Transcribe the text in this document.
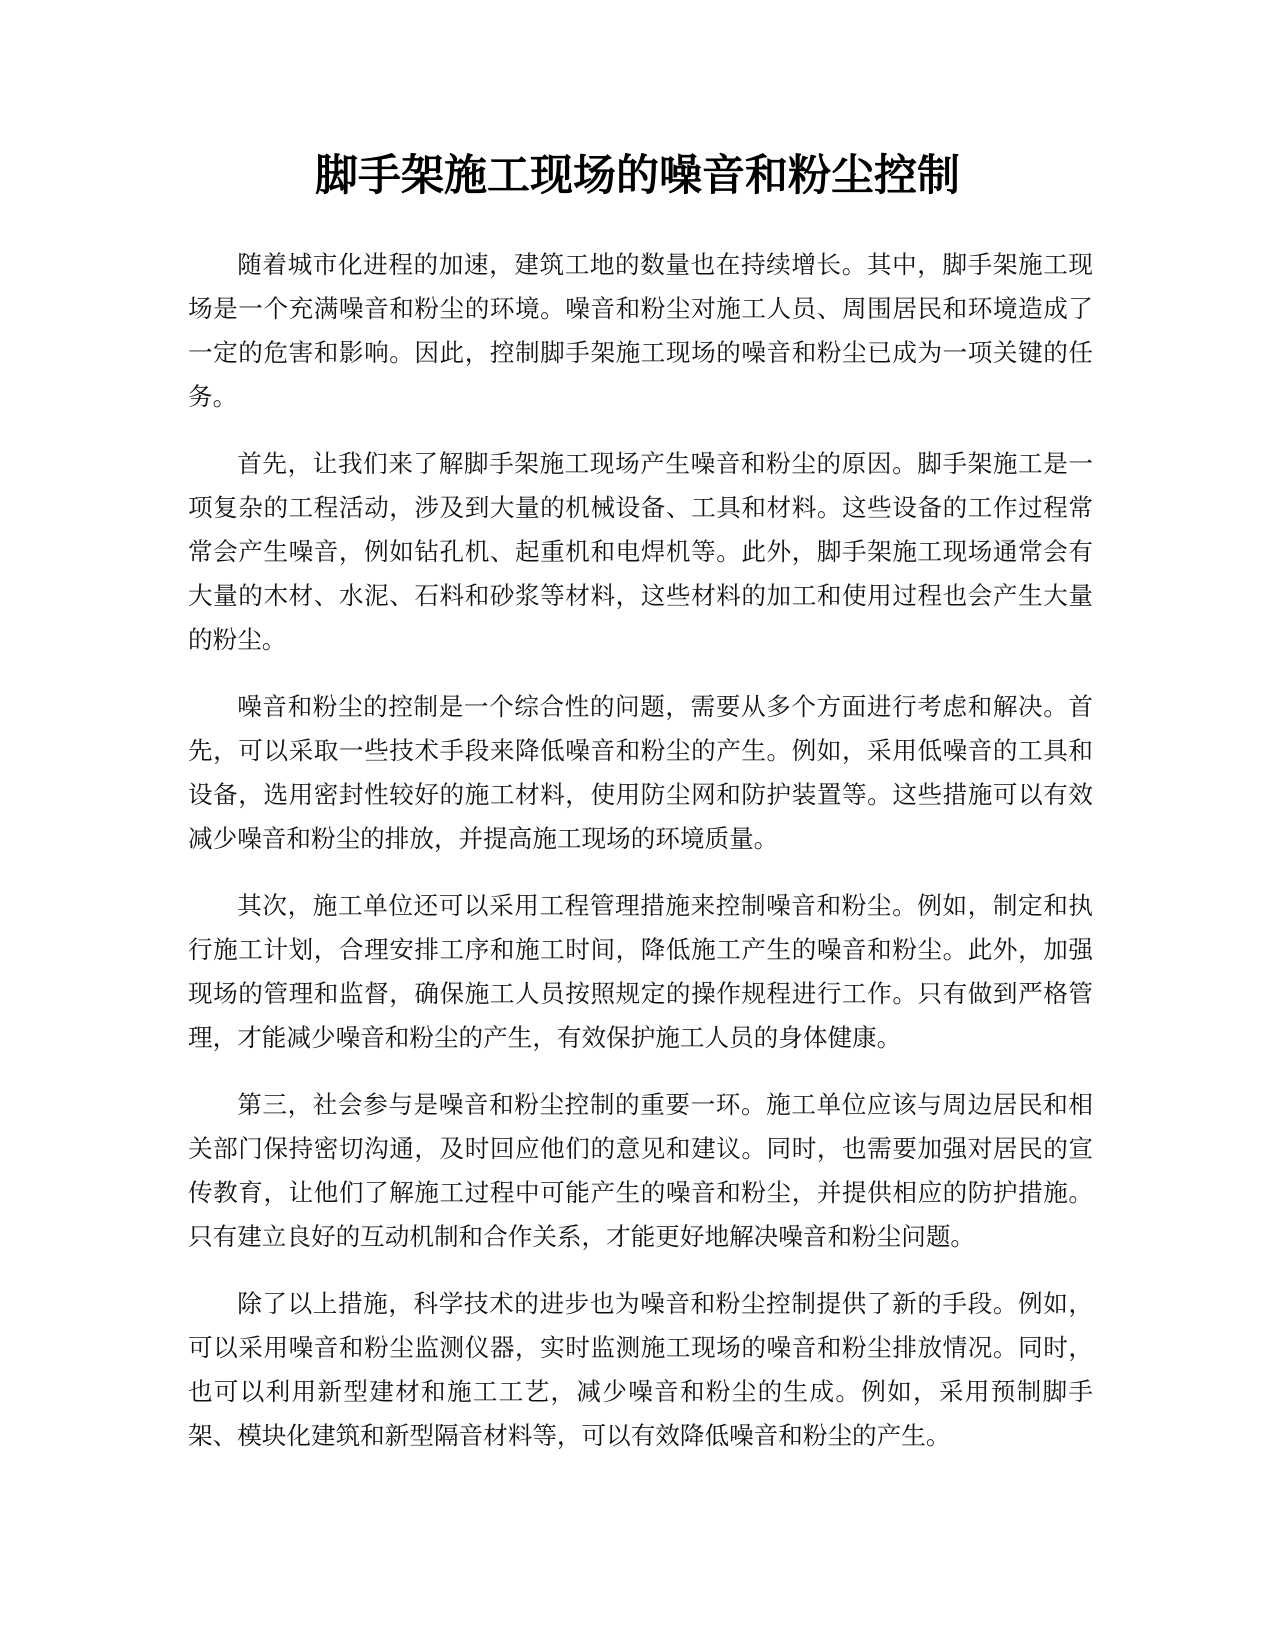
脚手架施工现场的噪音和粉尘控制

随着城市化进程的加速，建筑工地的数量也在持续增长。其中，脚手架施工现场是一个充满噪音和粉尘的环境。噪音和粉尘对施工人员、周围居民和环境造成了一定的危害和影响。因此，控制脚手架施工现场的噪音和粉尘已成为一项关键的任务。

首先，让我们来了解脚手架施工现场产生噪音和粉尘的原因。脚手架施工是一项复杂的工程活动，涉及到大量的机械设备、工具和材料。这些设备的工作过程常常会产生噪音，例如钻孔机、起重机和电焊机等。此外，脚手架施工现场通常会有大量的木材、水泥、石料和砂浆等材料，这些材料的加工和使用过程也会产生大量的粉尘。

噪音和粉尘的控制是一个综合性的问题，需要从多个方面进行考虑和解决。首先，可以采取一些技术手段来降低噪音和粉尘的产生。例如，采用低噪音的工具和设备，选用密封性较好的施工材料，使用防尘网和防护装置等。这些措施可以有效减少噪音和粉尘的排放，并提高施工现场的环境质量。

其次，施工单位还可以采用工程管理措施来控制噪音和粉尘。例如，制定和执行施工计划，合理安排工序和施工时间，降低施工产生的噪音和粉尘。此外，加强现场的管理和监督，确保施工人员按照规定的操作规程进行工作。只有做到严格管理，才能减少噪音和粉尘的产生，有效保护施工人员的身体健康。

第三，社会参与是噪音和粉尘控制的重要一环。施工单位应该与周边居民和相关部门保持密切沟通，及时回应他们的意见和建议。同时，也需要加强对居民的宣传教育，让他们了解施工过程中可能产生的噪音和粉尘，并提供相应的防护措施。只有建立良好的互动机制和合作关系，才能更好地解决噪音和粉尘问题。

除了以上措施，科学技术的进步也为噪音和粉尘控制提供了新的手段。例如，可以采用噪音和粉尘监测仪器，实时监测施工现场的噪音和粉尘排放情况。同时，也可以利用新型建材和施工工艺，减少噪音和粉尘的生成。例如，采用预制脚手架、模块化建筑和新型隔音材料等，可以有效降低噪音和粉尘的产生。
